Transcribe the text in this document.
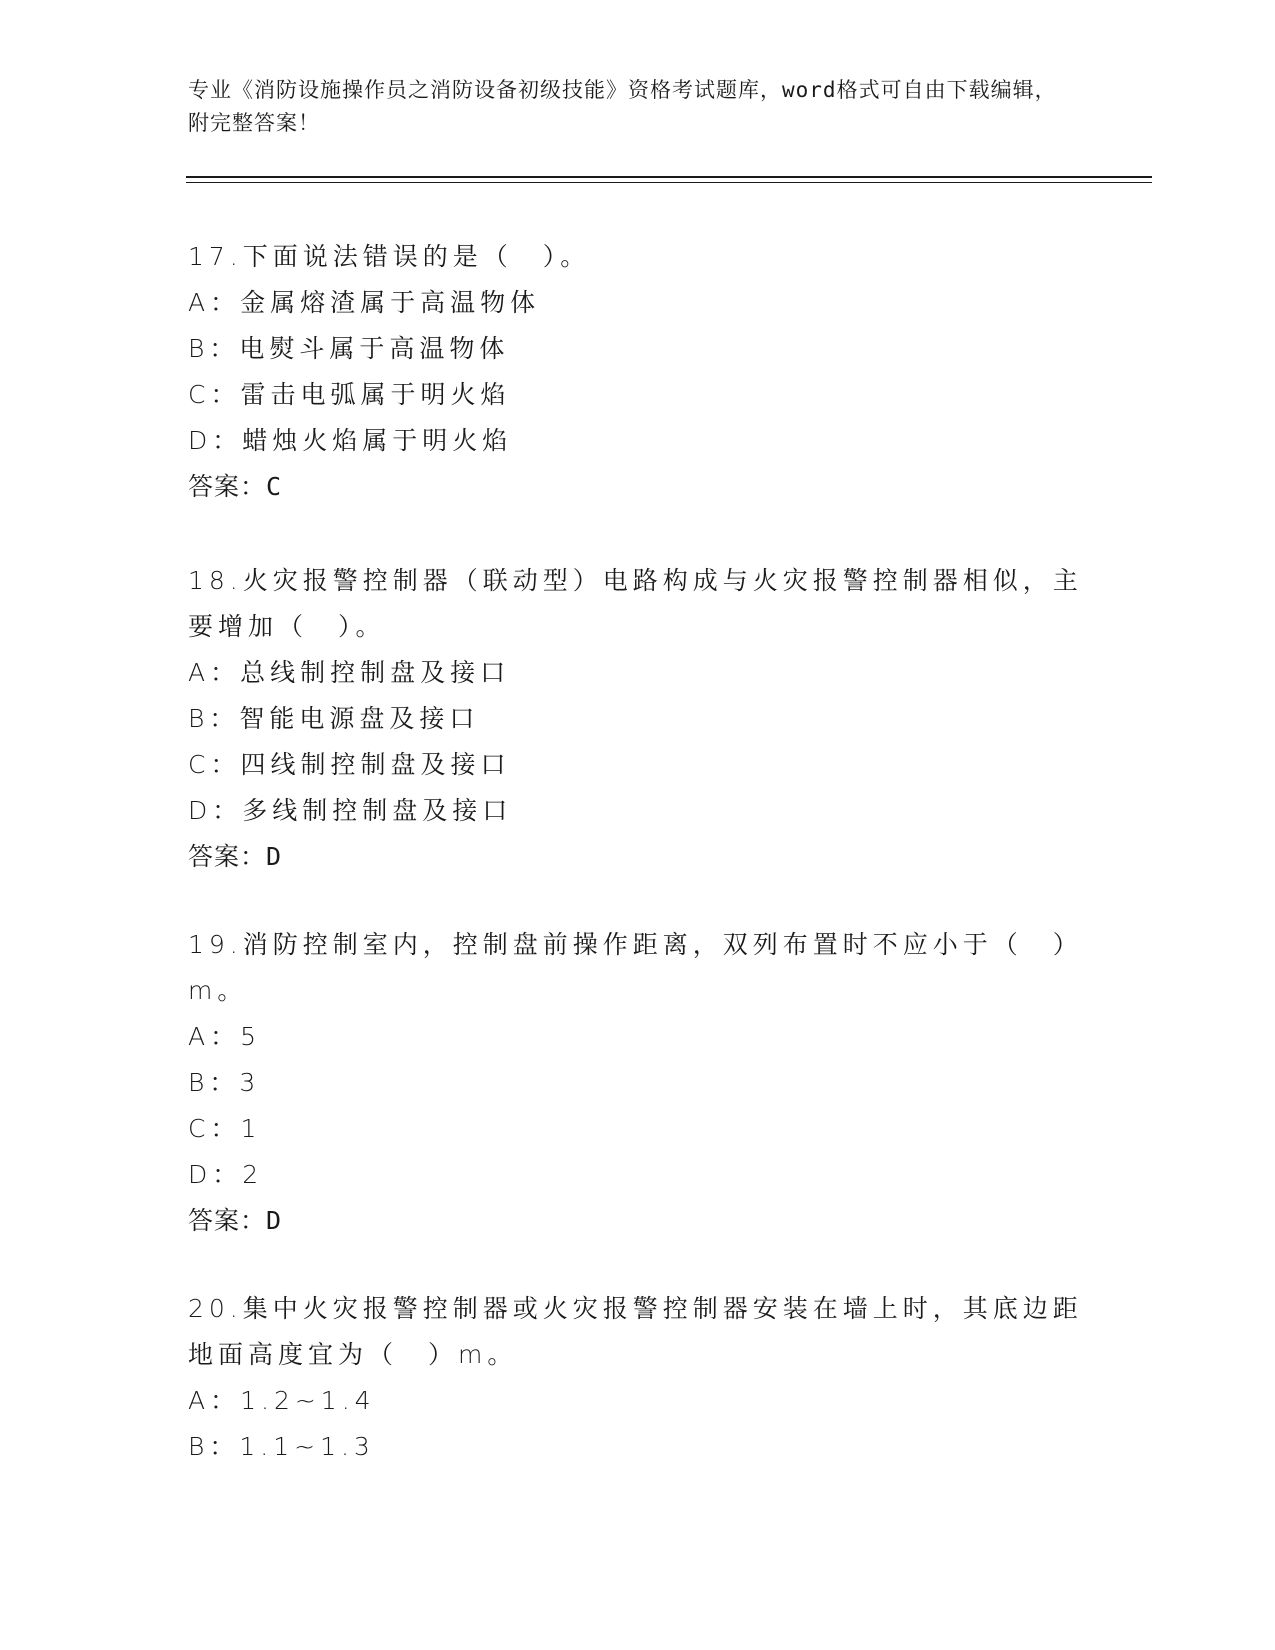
专业《消防设施操作员之消防设备初级技能》资格考试题库，word格式可自由下载编辑，附完整答案！
17.下面说法错误的是（　）。
A：金属熔渣属于高温物体
B：电熨斗属于高温物体
C：雷击电弧属于明火焰
D：蜡烛火焰属于明火焰
答案：C
18.火灾报警控制器（联动型）电路构成与火灾报警控制器相似，主要增加（　）。
A：总线制控制盘及接口
B：智能电源盘及接口
C：四线制控制盘及接口
D：多线制控制盘及接口
答案：D
19.消防控制室内，控制盘前操作距离，双列布置时不应小于（　）m。
A：5
B：3
C：1
D：2
答案：D
20.集中火灾报警控制器或火灾报警控制器安装在墙上时，其底边距地面高度宜为（　）m。
A：1.2~1.4
B：1.1~1.3
